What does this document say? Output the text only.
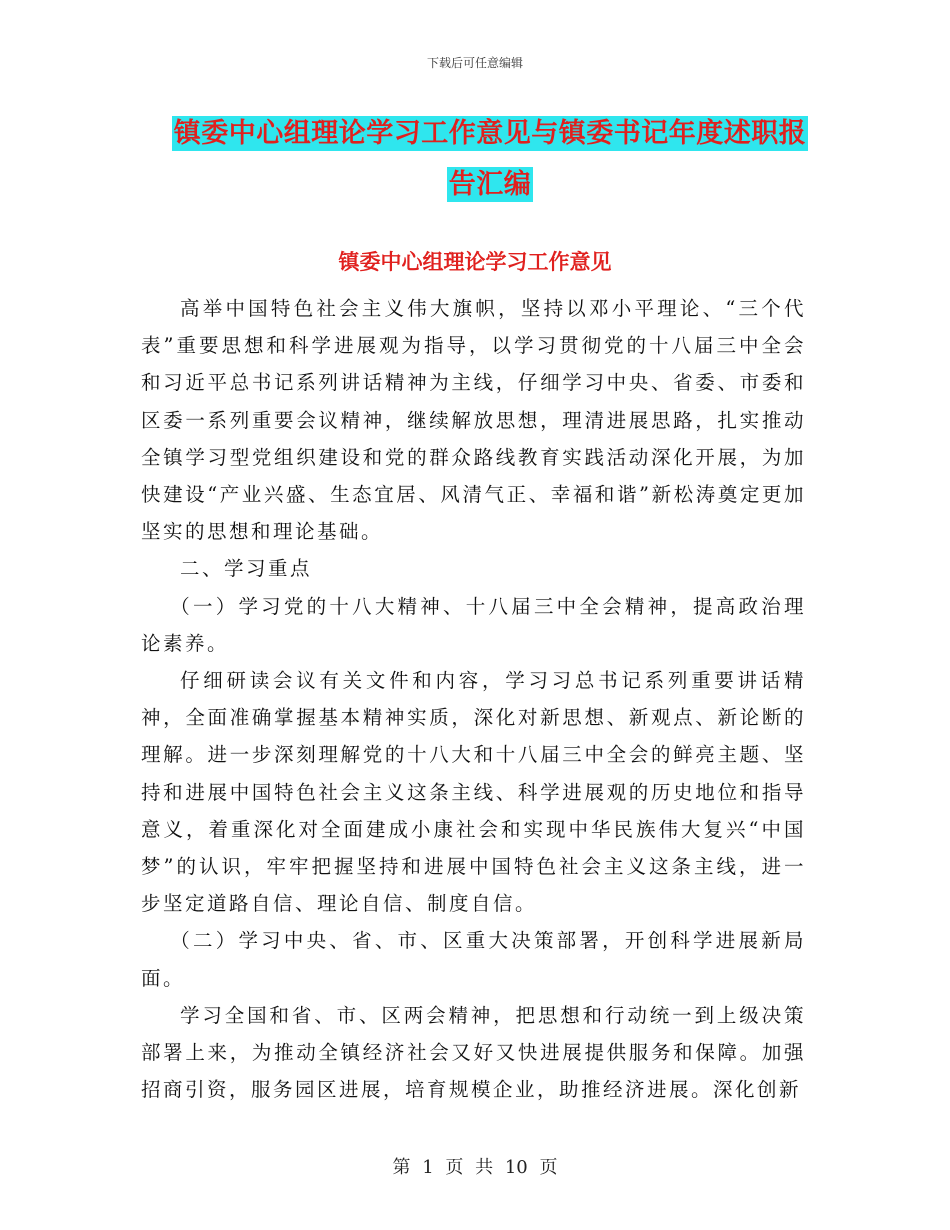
下载后可任意编辑
镇委中心组理论学习工作意见与镇委书记年度述职报
告汇编
镇委中心组理论学习工作意见

高举中国特色社会主义伟大旗帜，坚持以邓小平理论、“三个代表”重要思想和科学进展观为指导，以学习贯彻党的十八届三中全会和习近平总书记系列讲话精神为主线，仔细学习中央、省委、市委和区委一系列重要会议精神，继续解放思想，理清进展思路，扎实推动全镇学习型党组织建设和党的群众路线教育实践活动深化开展，为加快建设“产业兴盛、生态宜居、风清气正、幸福和谐”新松涛奠定更加坚实的思想和理论基础。

二、学习重点

（一）学习党的十八大精神、十八届三中全会精神，提高政治理论素养。

仔细研读会议有关文件和内容，学习习总书记系列重要讲话精神，全面准确掌握基本精神实质，深化对新思想、新观点、新论断的理解。进一步深刻理解党的十八大和十八届三中全会的鲜亮主题、坚持和进展中国特色社会主义这条主线、科学进展观的历史地位和指导意义，着重深化对全面建成小康社会和实现中华民族伟大复兴“中国梦”的认识，牢牢把握坚持和进展中国特色社会主义这条主线，进一步坚定道路自信、理论自信、制度自信。

（二）学习中央、省、市、区重大决策部署，开创科学进展新局面。

学习全国和省、市、区两会精神，把思想和行动统一到上级决策部署上来，为推动全镇经济社会又好又快进展提供服务和保障。加强招商引资，服务园区进展，培育规模企业，助推经济进展。深化创新

第 1 页 共 10 页
